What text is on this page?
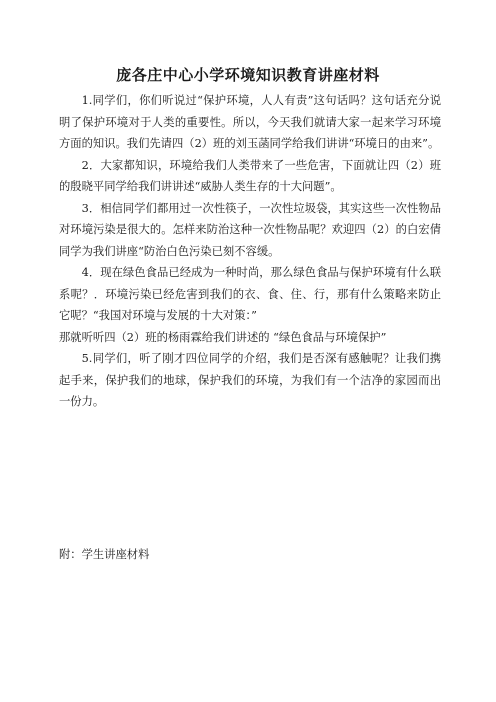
庞各庄中心小学环境知识教育讲座材料

1.同学们，你们听说过“保护环境，人人有责”这句话吗？这句话充分说明了保护环境对于人类的重要性。所以，今天我们就请大家一起来学习环境方面的知识。我们先请四（2）班的刘玉菡同学给我们讲讲“环境日的由来”。

2．大家都知识，环境给我们人类带来了一些危害，下面就让四（2）班的殷晓平同学给我们讲讲述“威胁人类生存的十大问题”。

3．相信同学们都用过一次性筷子，一次性垃圾袋，其实这些一次性物品对环境污染是很大的。怎样来防治这种一次性物品呢？欢迎四（2）的白宏倩同学为我们讲座“防治白色污染已刻不容缓。

4．现在绿色食品已经成为一种时尚，那么绿色食品与保护环境有什么联系呢？．环境污染已经危害到我们的衣、食、住、行，那有什么策略来防止它呢？“我国对环境与发展的十大对策：”

那就听听四（2）班的杨雨霖给我们讲述的 “绿色食品与环境保护”

5.同学们，听了刚才四位同学的介绍，我们是否深有感触呢？让我们携起手来，保护我们的地球，保护我们的环境，为我们有一个洁净的家园而出一份力。

附：学生讲座材料
